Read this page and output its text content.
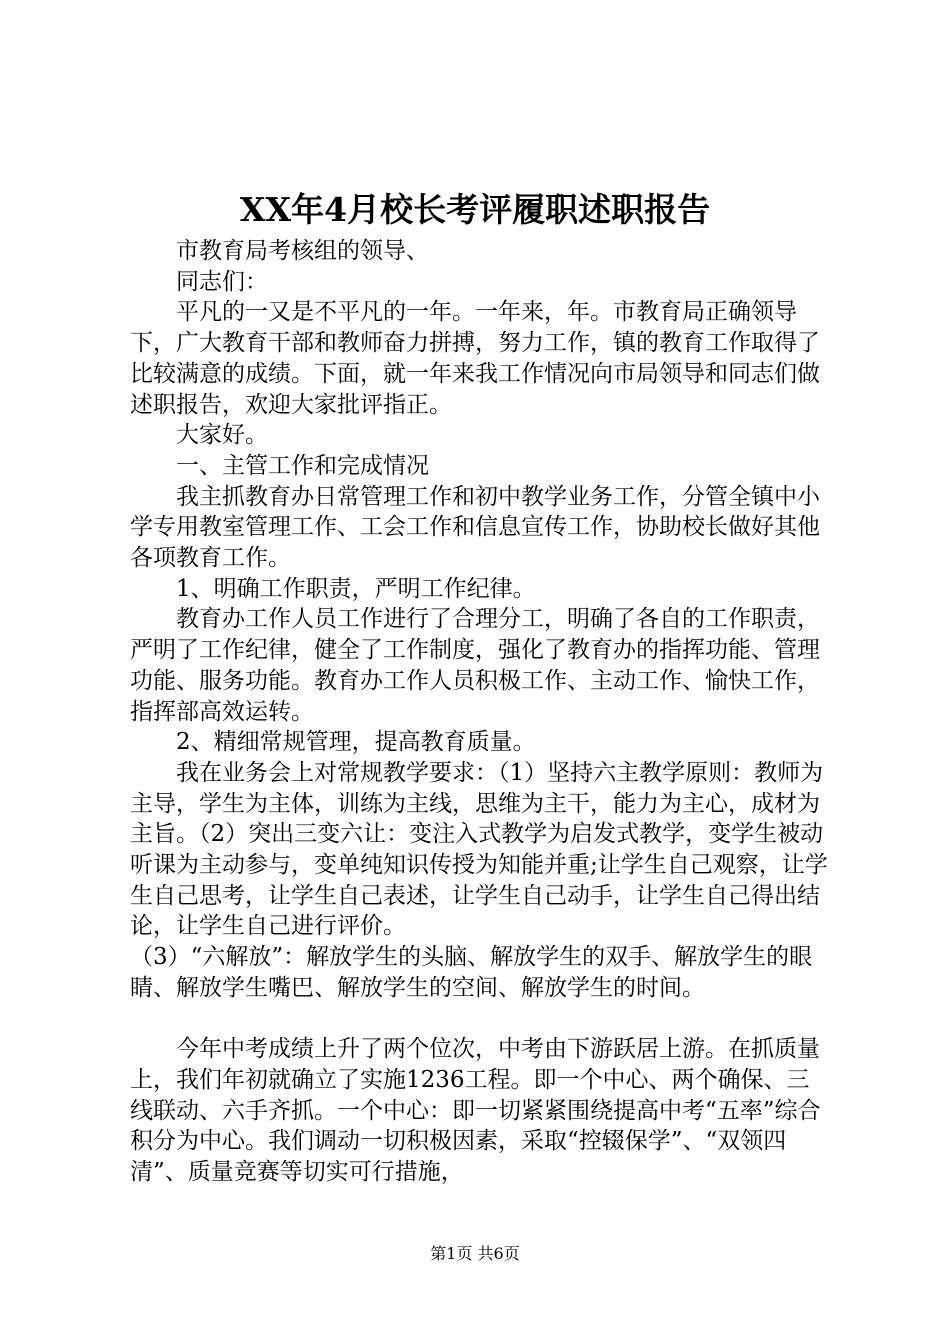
XX年4月校长考评履职述职报告

市教育局考核组的领导、

同志们：

平凡的一又是不平凡的一年。一年来，年。市教育局正确领导下，广大教育干部和教师奋力拼搏，努力工作，镇的教育工作取得了比较满意的成绩。下面，就一年来我工作情况向市局领导和同志们做述职报告，欢迎大家批评指正。

大家好。

一、主管工作和完成情况

我主抓教育办日常管理工作和初中教学业务工作，分管全镇中小学专用教室管理工作、工会工作和信息宣传工作，协助校长做好其他各项教育工作。

1、明确工作职责，严明工作纪律。

教育办工作人员工作进行了合理分工，明确了各自的工作职责，严明了工作纪律，健全了工作制度，强化了教育办的指挥功能、管理功能、服务功能。教育办工作人员积极工作、主动工作、愉快工作，指挥部高效运转。

2、精细常规管理，提高教育质量。

我在业务会上对常规教学要求：（1）坚持六主教学原则：教师为主导，学生为主体，训练为主线，思维为主干，能力为主心，成材为主旨。（2）突出三变六让：变注入式教学为启发式教学，变学生被动听课为主动参与，变单纯知识传授为知能并重;让学生自己观察，让学生自己思考，让学生自己表述，让学生自己动手，让学生自己得出结论，让学生自己进行评价。

（3）“六解放”：解放学生的头脑、解放学生的双手、解放学生的眼睛、解放学生嘴巴、解放学生的空间、解放学生的时间。

今年中考成绩上升了两个位次，中考由下游跃居上游。在抓质量上，我们年初就确立了实施1236工程。即一个中心、两个确保、三线联动、六手齐抓。一个中心：即一切紧紧围绕提高中考“五率”综合积分为中心。我们调动一切积极因素，采取“控辍保学”、“双领四清”、质量竞赛等切实可行措施，

第1页 共6页
